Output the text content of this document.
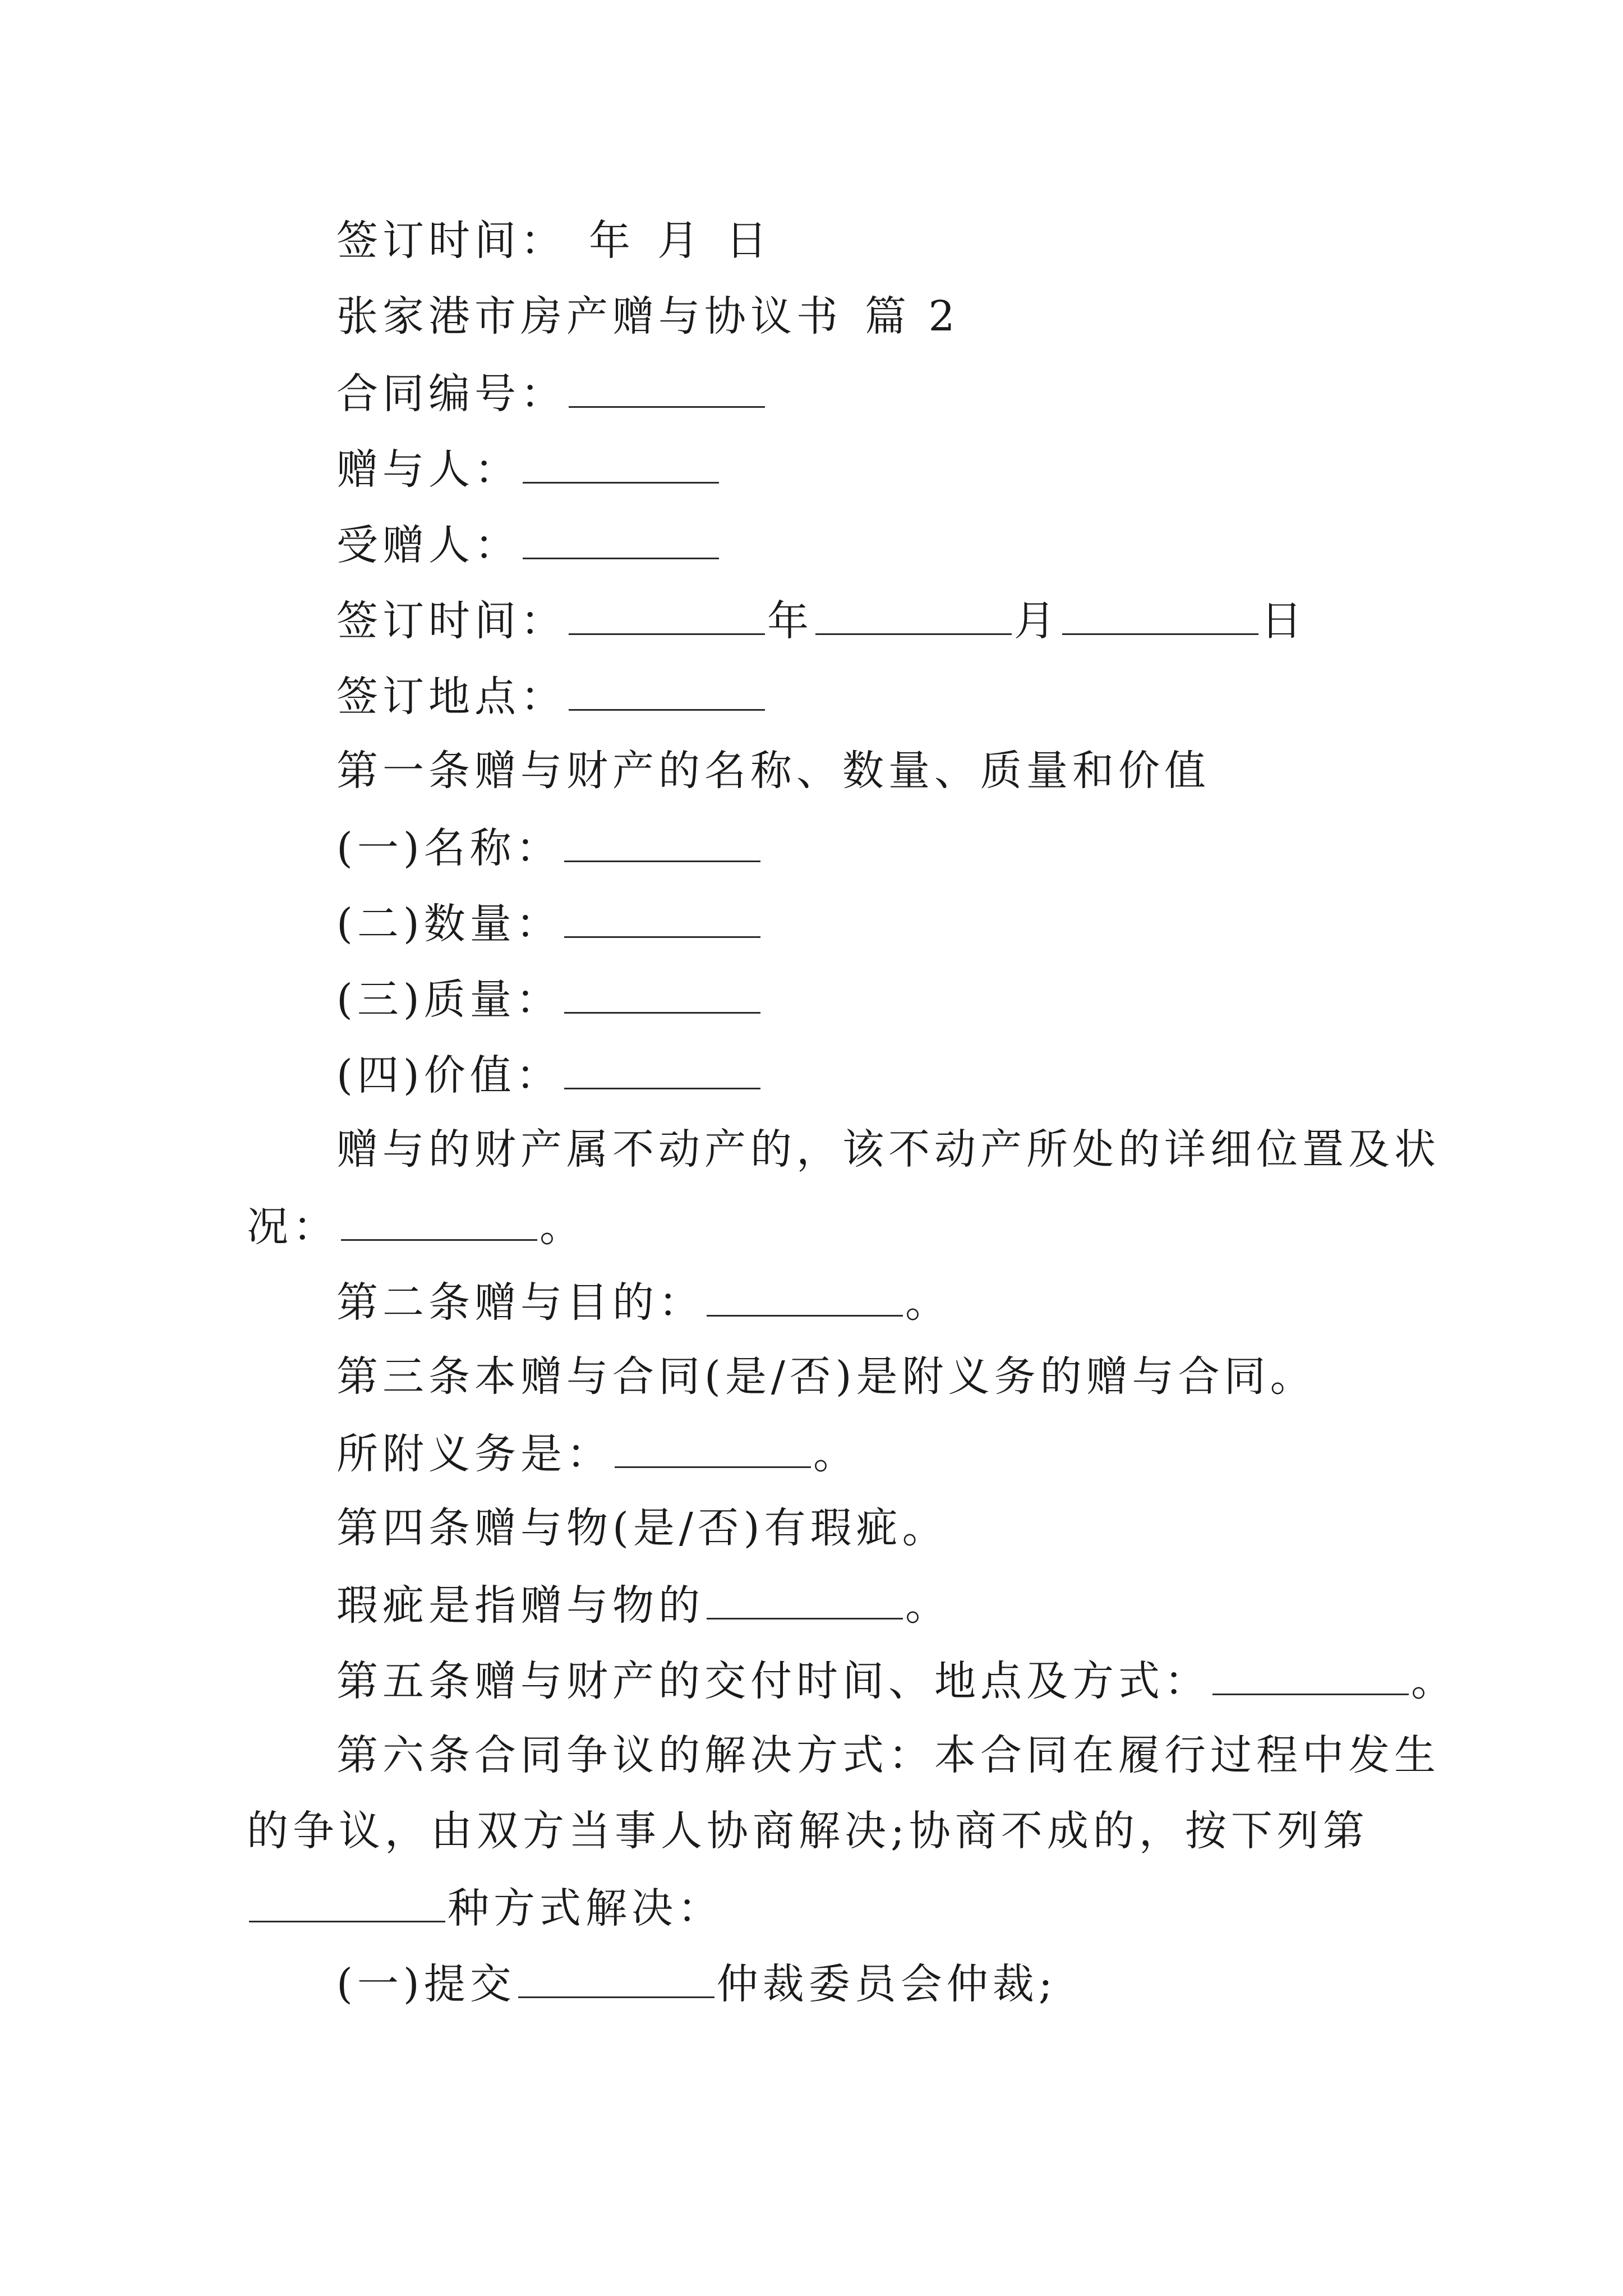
签订时间： 年 月 日
张家港市房产赠与协议书 篇 2
合同编号：
赠与人：
受赠人：
签订时间：	年	月	日
签订地点：
第一条赠与财产的名称、数量、质量和价值
(一)名称：
(二)数量：
(三)质量：
(四)价值：
赠与的财产属不动产的，该不动产所处的详细位置及状
况：	。
第二条赠与目的：	。
第三条本赠与合同(是/否)是附义务的赠与合同。
所附义务是：	。
第四条赠与物(是/否)有瑕疵。
瑕疵是指赠与物的	。
第五条赠与财产的交付时间、地点及方式：	。
第六条合同争议的解决方式：本合同在履行过程中发生
的争议，由双方当事人协商解决;协商不成的，按下列第
种方式解决：
(一)提交	仲裁委员会仲裁;
